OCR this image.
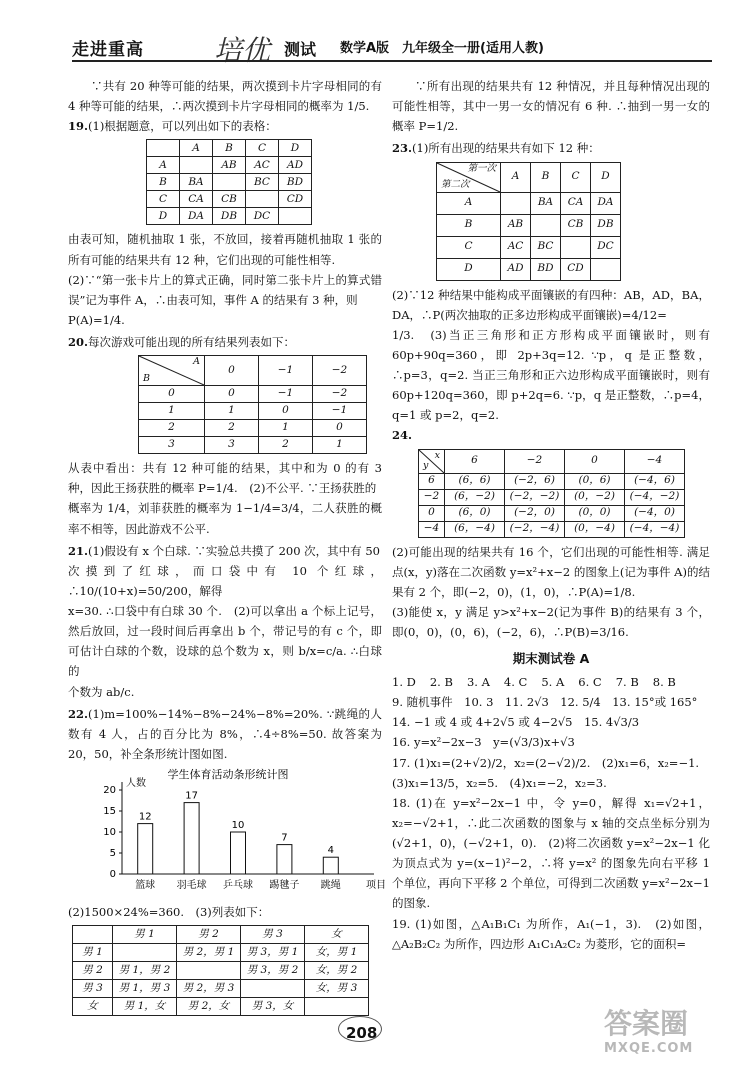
走进重高	培优 测试 数学A版　九年级全一册(适用人教)

∵共有 20 种等可能的结果，两次摸到卡片字母相同的有 4 种等可能的结果，∴两次摸到卡片字母相同的概率为 1/5.

19.(1)根据题意，可以列出如下的表格：

	A	B	C	D
A		AB	AC	AD
B	BA		BC	BD
C	CA	CB		CD
D	DA	DB	DC	

由表可知，随机抽取 1 张，不放回，接着再随机抽取 1 张的所有可能的结果共有 12 种，它们出现的可能性相等.

(2)∵“第一张卡片上的算式正确，同时第二张卡片上的算式错误”记为事件 A，∴由表可知，事件 A 的结果有 3 种，则

P(A)=1/4.

20.每次游戏可能出现的所有结果列表如下：

A
B	0	−1	−2
0	0	−1	−2
1	1	0	−1
2	2	1	0
3	3	2	1

从表中看出：共有 12 种可能的结果，其中和为 0 的有 3 种，因此王扬获胜的概率 P=1/4.　(2)不公平. ∵王扬获胜的

概率为 1/4，刘菲获胜的概率为 1−1/4=3/4，二人获胜的概率不相等，因此游戏不公平.

21.(1)假设有 x 个白球. ∵实验总共摸了 200 次，其中有 50

次摸到了红球，而口袋中有 10 个红球，∴10/(10+x)=50/200，解得

x=30. ∴口袋中有白球 30 个.　(2)可以拿出 a 个标上记号，然后放回，过一段时间后再拿出 b 个，带记号的有 c 个，即可估计白球的个数，设球的总个数为 x，则 b/x=c/a. ∴白球的

个数为 ab/c.

22.(1)m=100%−14%−8%−24%−8%=20%. ∵跳绳的人数有 4 人，占的百分比为 8%，∴4÷8%=50. 故答案为 20，50，补全条形统计图如图.

学生体育活动条形统计图
人数
项目
0
5
10
15
20
12
篮球
17
羽毛球
10
乒乓球
7
踢毽子
4
跳绳

(2)1500×24%=360.　(3)列表如下：

	男 1	男 2	男 3	女
男 1		男 2，男 1	男 3，男 1	女，男 1
男 2	男 1，男 2		男 3，男 2	女，男 2
男 3	男 1，男 3	男 2，男 3		女，男 3
女	男 1，女	男 2，女	男 3，女	

∵所有出现的结果共有 12 种情况，并且每种情况出现的可能性相等，其中一男一女的情况有 6 种. ∴抽到一男一女的概率 P=1/2.

23.(1)所有出现的结果共有如下 12 种：

第一次
第二次	A	B	C	D
A		BA	CA	DA
B	AB		CB	DB
C	AC	BC		DC
D	AD	BD	CD	

(2)∵12 种结果中能构成平面镶嵌的有四种：AB，AD，BA，DA，∴P(两次抽取的正多边形构成平面镶嵌)=4/12=

1/3.　(3)当正三角形和正方形构成平面镶嵌时，则有 60p+90q=360，即 2p+3q=12. ∵p，q 是正整数，∴p=3，q=2. 当正三角形和正六边形构成平面镶嵌时，则有 60p+120q=360，即 p+2q=6. ∵p，q 是正整数，∴p=4，q=1 或 p=2，q=2.

24.

x
y	6	−2	0	−4
6	(6，6)	(−2，6)	(0，6)	(−4，6)
−2	(6，−2)	(−2，−2)	(0，−2)	(−4，−2)
0	(6，0)	(−2，0)	(0，0)	(−4，0)
−4	(6，−4)	(−2，−4)	(0，−4)	(−4，−4)

(2)可能出现的结果共有 16 个，它们出现的可能性相等. 满足点(x，y)落在二次函数 y=x²+x−2 的图象上(记为事件 A)的结果有 2 个，即(−2，0)，(1，0)，∴P(A)=1/8.

(3)能使 x，y 满足 y>x²+x−2(记为事件 B)的结果有 3 个，即(0，0)，(0，6)，(−2，6)，∴P(B)=3/16.

期末测试卷 A
1. D 2. B 3. A 4. C 5. A 6. C 7. B 8. B

9. 随机事件　10. 3　11. 2√3　12. 5/4　13. 15°或 165°

14. −1 或 4 或 4+2√5 或 4−2√5　15. 4√3/3

16. y=x²−2x−3　y=(√3/3)x+√3

17. (1)x₁=(2+√2)/2，x₂=(2−√2)/2.　(2)x₁=6，x₂=−1.

(3)x₁=13/5，x₂=5.　(4)x₁=−2，x₂=3.

18. (1)在 y=x²−2x−1 中，令 y=0，解得 x₁=√2+1，x₂=−√2+1，∴此二次函数的图象与 x 轴的交点坐标分别为(√2+1，0)，(−√2+1，0).　(2)将二次函数 y=x²−2x−1 化为顶点式为 y=(x−1)²−2，∴将 y=x² 的图象先向右平移 1 个单位，再向下平移 2 个单位，可得到二次函数 y=x²−2x−1 的图象.

19. (1)如图，△A₁B₁C₁ 为所作，A₁(−1，3).　(2)如图，△A₂B₂C₂ 为所作，四边形 A₁C₁A₂C₂ 为菱形，它的面积=

208	答案圈
MXQE.COM
